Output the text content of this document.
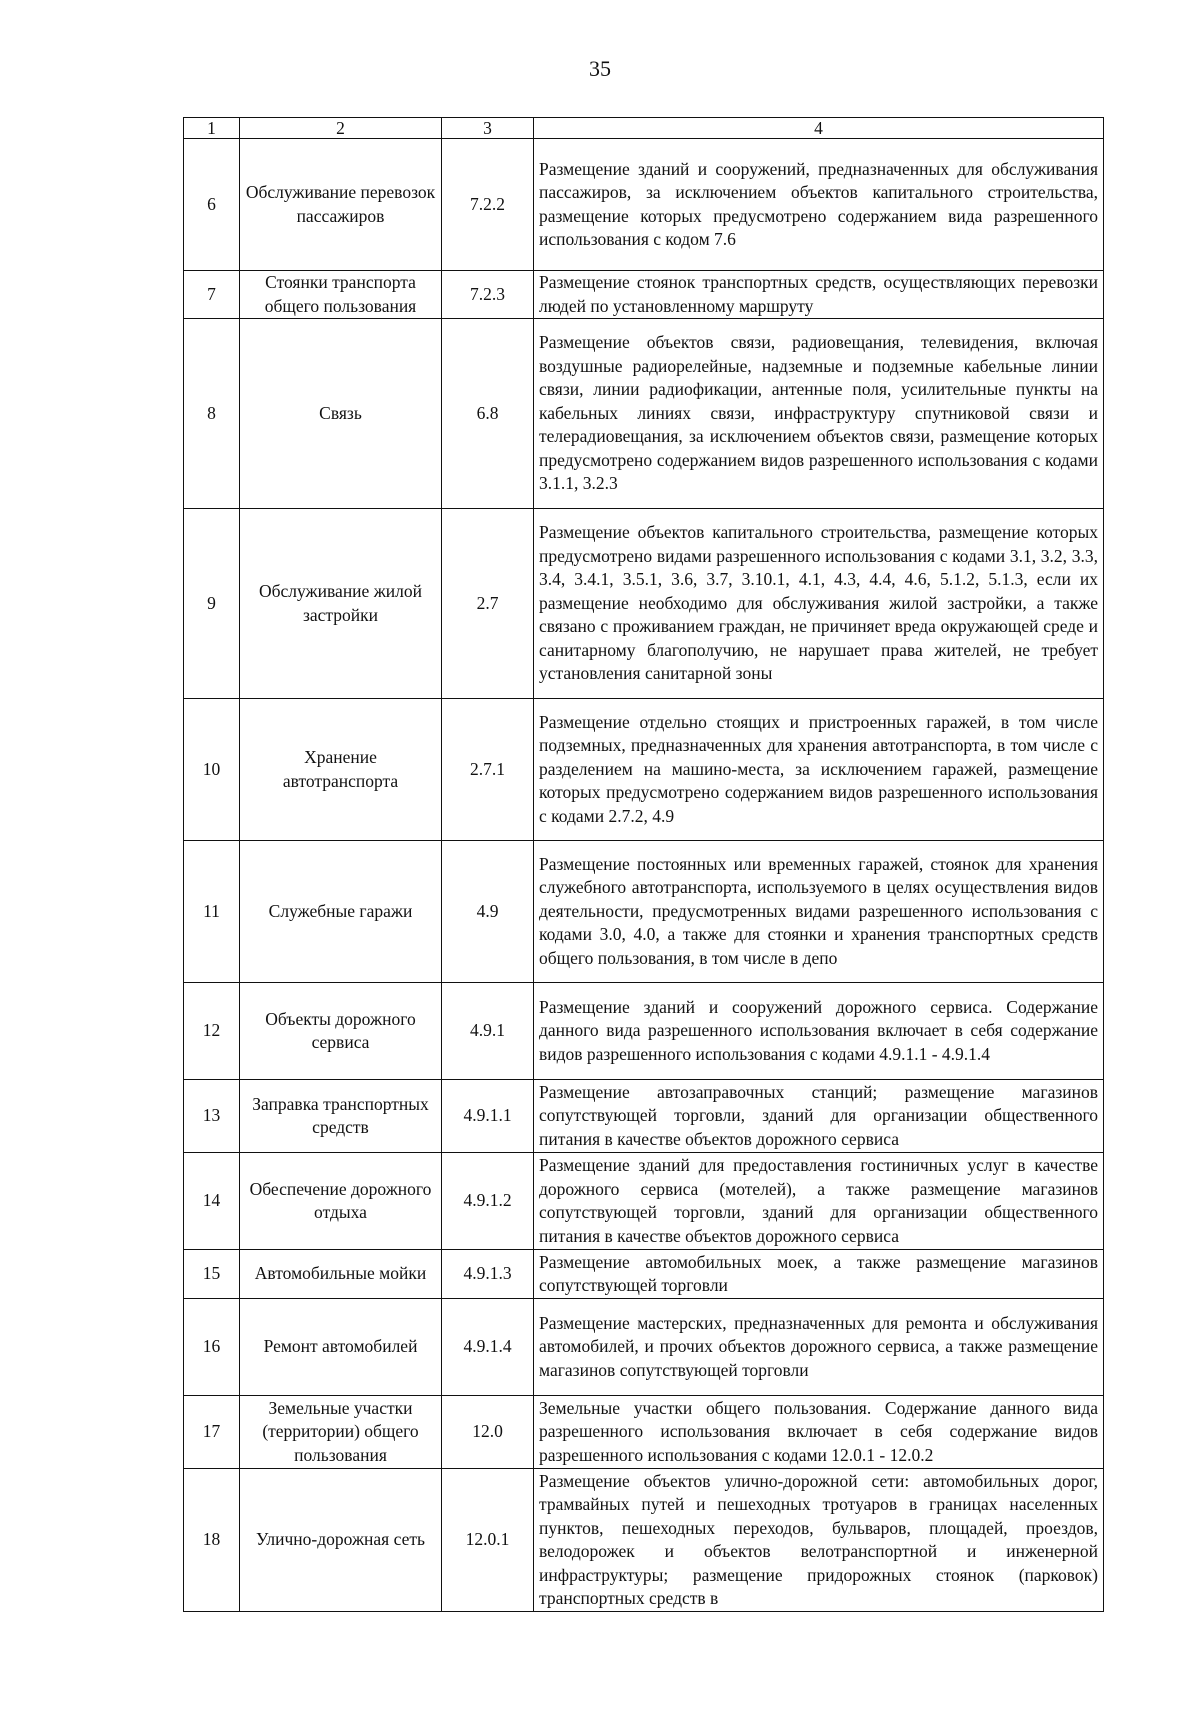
35
1	2	3	4
6	Обслуживание перевозок пассажиров	7.2.2	Размещение зданий и сооружений, предназначенных для обслуживания пассажиров, за исключением объектов капитального строительства, размещение которых предусмотрено содержанием вида разрешенного использования с кодом 7.6
7	Стоянки транспорта общего пользования	7.2.3	Размещение стоянок транспортных средств, осуществляющих перевозки людей по установленному маршруту
8	Связь	6.8	Размещение объектов связи, радиовещания, телевидения, включая воздушные радиорелейные, надземные и подземные кабельные линии связи, линии радиофикации, антенные поля, усилительные пункты на кабельных линиях связи, инфраструктуру спутниковой связи и телерадиовещания, за исключением объектов связи, размещение которых предусмотрено содержанием видов разрешенного использования с кодами 3.1.1, 3.2.3
9	Обслуживание жилой застройки	2.7	Размещение объектов капитального строительства, размещение которых предусмотрено видами разрешенного использования с кодами 3.1, 3.2, 3.3, 3.4, 3.4.1, 3.5.1, 3.6, 3.7, 3.10.1, 4.1, 4.3, 4.4, 4.6, 5.1.2, 5.1.3, если их размещение необходимо для обслуживания жилой застройки, а также связано с проживанием граждан, не причиняет вреда окружающей среде и санитарному благополучию, не нарушает права жителей, не требует установления санитарной зоны
10	Хранение автотранспорта	2.7.1	Размещение отдельно стоящих и пристроенных гаражей, в том числе подземных, предназначенных для хранения автотранспорта, в том числе с разделением на машино-места, за исключением гаражей, размещение которых предусмотрено содержанием видов разрешенного использования с кодами 2.7.2, 4.9
11	Служебные гаражи	4.9	Размещение постоянных или временных гаражей, стоянок для хранения служебного автотранспорта, используемого в целях осуществления видов деятельности, предусмотренных видами разрешенного использования с кодами 3.0, 4.0, а также для стоянки и хранения транспортных средств общего пользования, в том числе в депо
12	Объекты дорожного сервиса	4.9.1	Размещение зданий и сооружений дорожного сервиса. Содержание данного вида разрешенного использования включает в себя содержание видов разрешенного использования с кодами 4.9.1.1 - 4.9.1.4
13	Заправка транспортных средств	4.9.1.1	Размещение автозаправочных станций; размещение магазинов сопутствующей торговли, зданий для организации общественного питания в качестве объектов дорожного сервиса
14	Обеспечение дорожного отдыха	4.9.1.2	Размещение зданий для предоставления гостиничных услуг в качестве дорожного сервиса (мотелей), а также размещение магазинов сопутствующей торговли, зданий для организации общественного питания в качестве объектов дорожного сервиса
15	Автомобильные мойки	4.9.1.3	Размещение автомобильных моек, а также размещение магазинов сопутствующей торговли
16	Ремонт автомобилей	4.9.1.4	Размещение мастерских, предназначенных для ремонта и обслуживания автомобилей, и прочих объектов дорожного сервиса, а также размещение магазинов сопутствующей торговли
17	Земельные участки (территории) общего пользования	12.0	Земельные участки общего пользования. Содержание данного вида разрешенного использования включает в себя содержание видов разрешенного использования с кодами 12.0.1 - 12.0.2
18	Улично-дорожная сеть	12.0.1	Размещение объектов улично-дорожной сети: автомобильных дорог, трамвайных путей и пешеходных тротуаров в границах населенных пунктов, пешеходных переходов, бульваров, площадей, проездов, велодорожек и объектов велотранспортной и инженерной инфраструктуры; размещение придорожных стоянок (парковок) транспортных средств в
